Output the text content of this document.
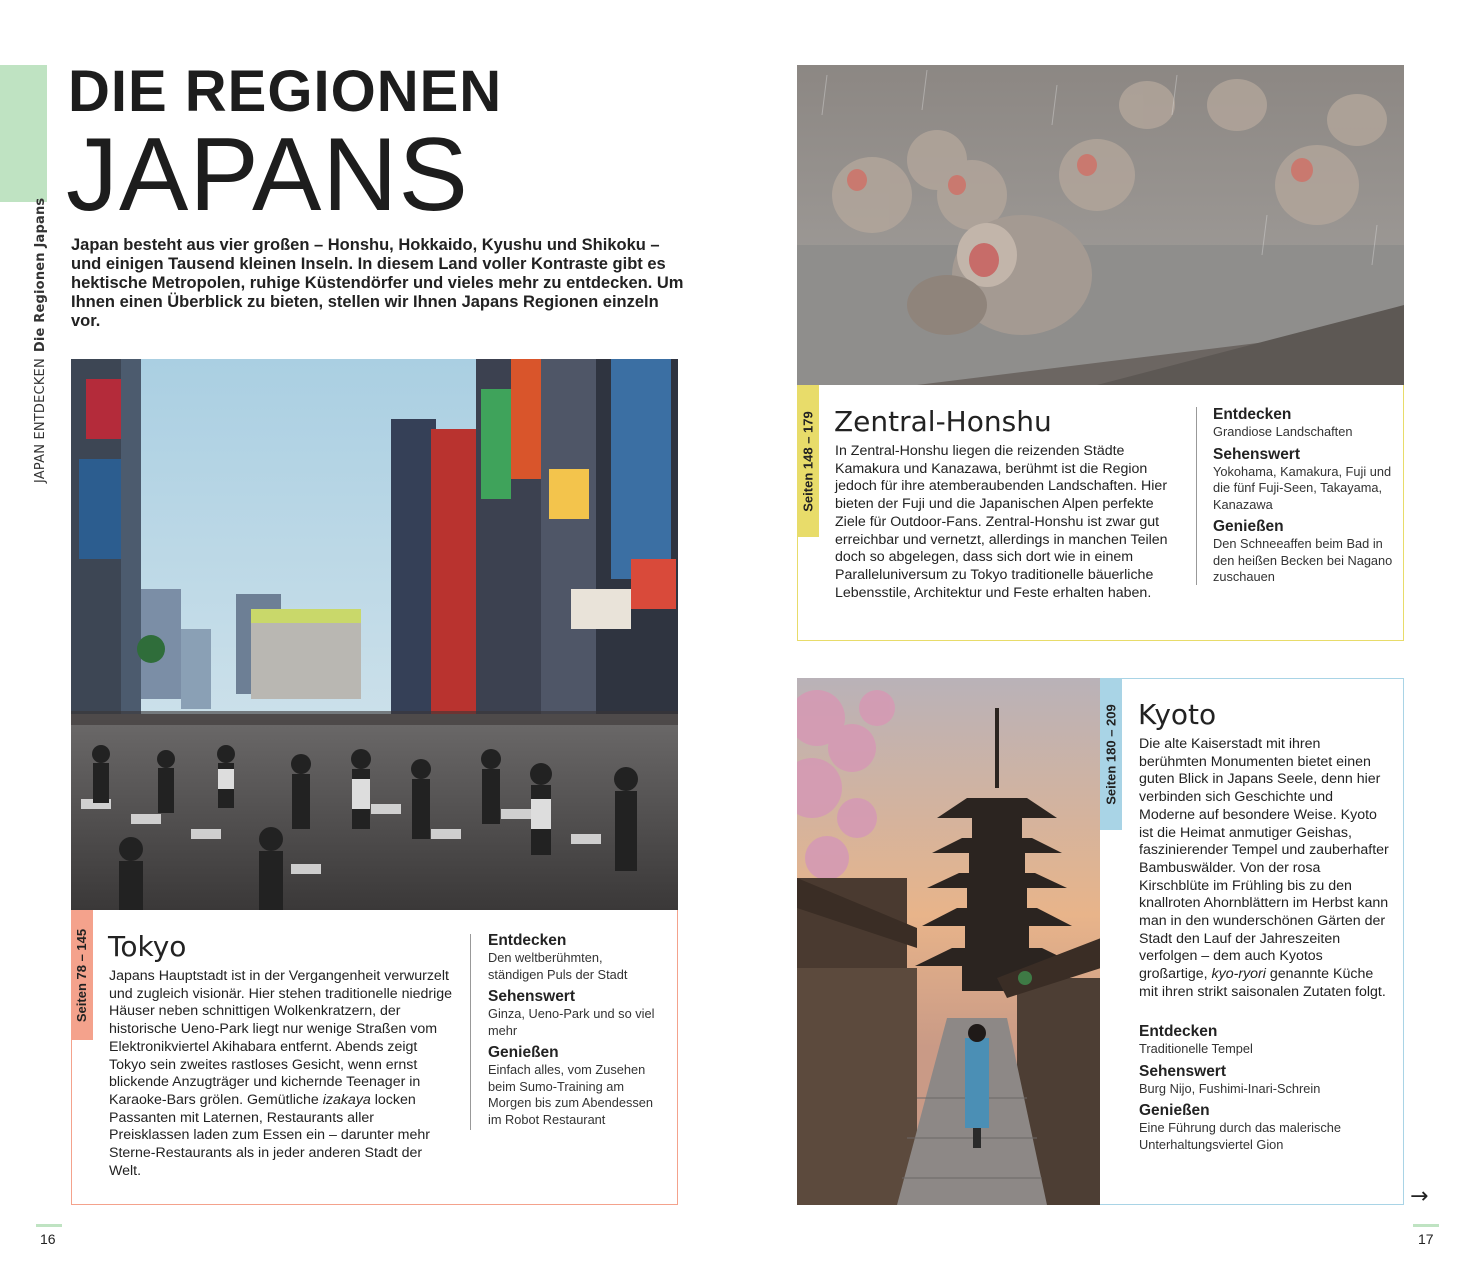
JAPAN ENTDECKENDie Regionen Japans
DIE REGIONEN
JAPANS

Japan besteht aus vier großen – Honshu, Hokkaido, Kyushu und Shikoku – und einigen Tausend kleinen Inseln. In diesem Land voller Kontraste gibt es hektische Metropolen, ruhige Küstendörfer und vieles mehr zu entdecken. Um Ihnen einen Überblick zu bieten, stellen wir Ihnen Japans Regionen einzeln vor.

Seiten 78 – 145 Tokyo

Japans Hauptstadt ist in der Vergangenheit verwurzelt und zugleich visionär. Hier stehen traditionelle niedrige Häuser neben schnittigen Wolkenkratzern, der historische Ueno-Park liegt nur wenige Straßen vom Elektronikviertel Akihabara entfernt. Abends zeigt Tokyo sein zweites rastloses Gesicht, wenn ernst blickende Anzugträger und kichernde Teenager in Karaoke-Bars grölen. Gemütliche izakaya locken Passanten mit Laternen, Restaurants aller Preisklassen laden zum Essen ein – darunter mehr Sterne-Restaurants als in jeder anderen Stadt der Welt.

Entdecken
Den weltberühmten, ständigen Puls der Stadt
Sehenswert
Ginza, Ueno-Park und so viel mehr
Genießen
Einfach alles, vom Zusehen beim Sumo-Training am Morgen bis zum Abendessen im Robot Restaurant
16
Seiten 148 – 179 Zentral-Honshu

In Zentral-Honshu liegen die reizenden Städte Kamakura und Kanazawa, berühmt ist die Region jedoch für ihre atemberaubenden Landschaften. Hier bieten der Fuji und die Japanischen Alpen perfekte Ziele für Outdoor-Fans. Zentral-Honshu ist zwar gut erreichbar und vernetzt, allerdings in manchen Teilen doch so abgelegen, dass sich dort wie in einem Paralleluniversum zu Tokyo traditionelle bäuerliche Lebensstile, Architektur und Feste erhalten haben.

Entdecken
Grandiose Landschaften
Sehenswert
Yokohama, Kamakura, Fuji und die fünf Fuji-Seen, Takayama, Kanazawa
Genießen
Den Schneeaffen beim Bad in den heißen Becken bei Nagano zuschauen
Seiten 180 – 209 Kyoto

Die alte Kaiserstadt mit ihren berühmten Monumenten bietet einen guten Blick in Japans Seele, denn hier verbinden sich Geschichte und Moderne auf besondere Weise. Kyoto ist die Heimat anmutiger Geishas, faszinierender Tempel und zauberhafter Bambuswälder. Von der rosa Kirschblüte im Frühling bis zu den knallroten Ahornblättern im Herbst kann man in den wunderschönen Gärten der Stadt den Lauf der Jahreszeiten verfolgen – dem auch Kyotos großartige, kyo-ryori genannte Küche mit ihren strikt saisonalen Zutaten folgt.

Entdecken
Traditionelle Tempel
Sehenswert
Burg Nijo, Fushimi-Inari-Schrein
Genießen
Eine Führung durch das malerische Unterhaltungsviertel Gion
→
17
